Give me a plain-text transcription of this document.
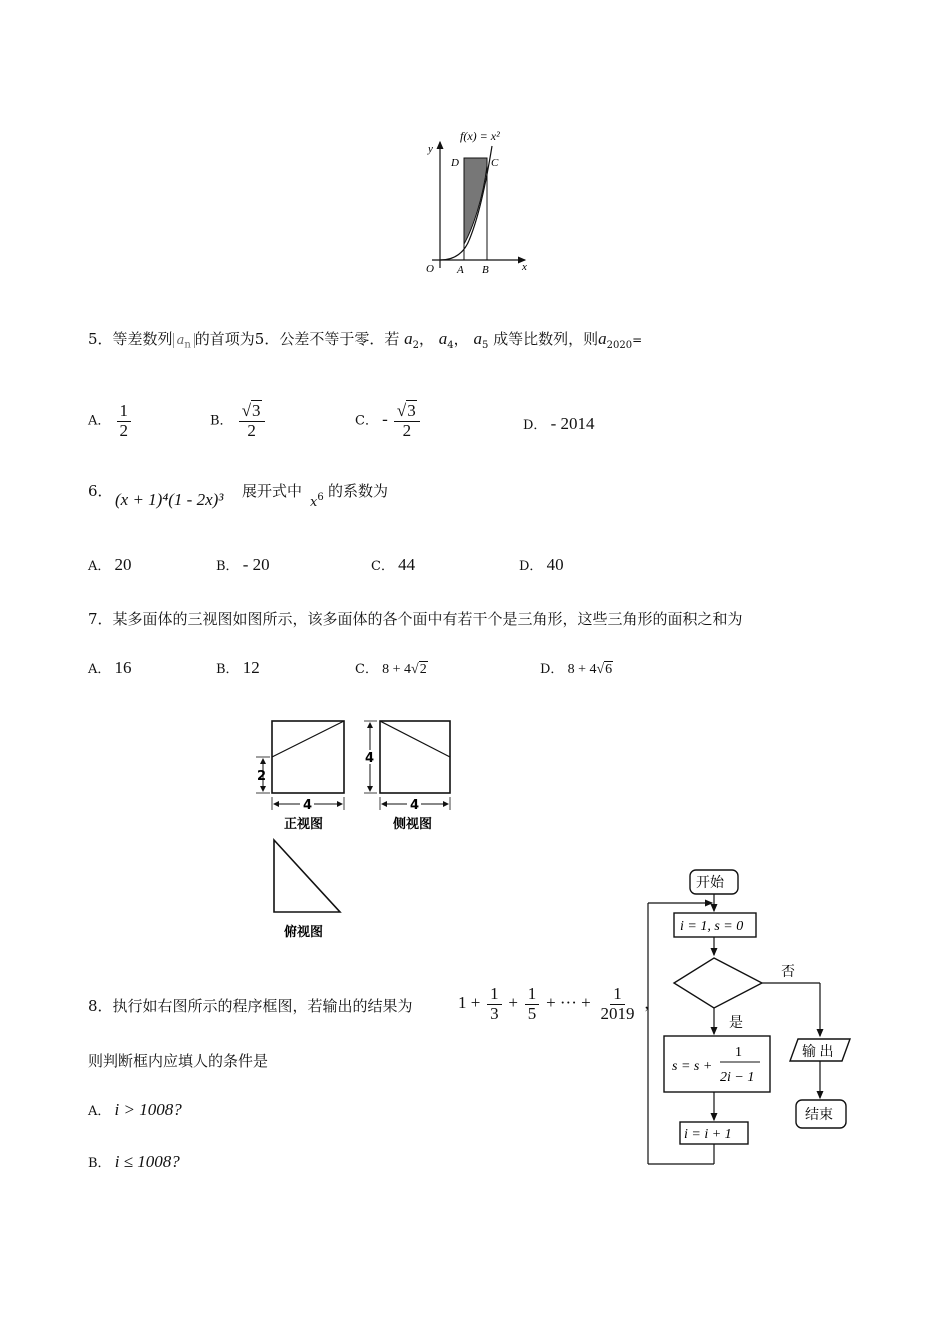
f(x) = x²
y
x
D	C
O A B
5．等差数列 $a_n$ 的首项为5．公差不等于零．若 $a_2$， $a_4$， $a_5$ 成等比数列，则$a_{2020}=$
A． $\frac{1}{2}$	B． $\frac{√3}{2}$	C． - $\frac{√3}{2}$	D． - 2014
6． (x + 1)⁴(1 - 2x)³ 展开式中
$x^6$ 的系数为
A． 20	B． - 20	C． 44	D． 40
7．某多面体的三视图如图所示，该多面体的各个面中有若干个是三角形，这些三角形的面积之和为
A． 16	B． 12	C． 8 + 4√2	D． 8 + 4√6
2
4
正视图
4
4
侧视图
俯视图
8．执行如右图所示的程序框图，若输出的结果为	$1 + \frac{1}{3} + \frac{1}{5}$ + ··· + $\frac{1}{2019}$ ，
则判断框内应填人的条件是
A． i > 1008?
B． i ≤ 1008?
开始
i = 1, s = 0
否
是
s = s +
1
2i − 1
i = i + 1
输 出
结束
